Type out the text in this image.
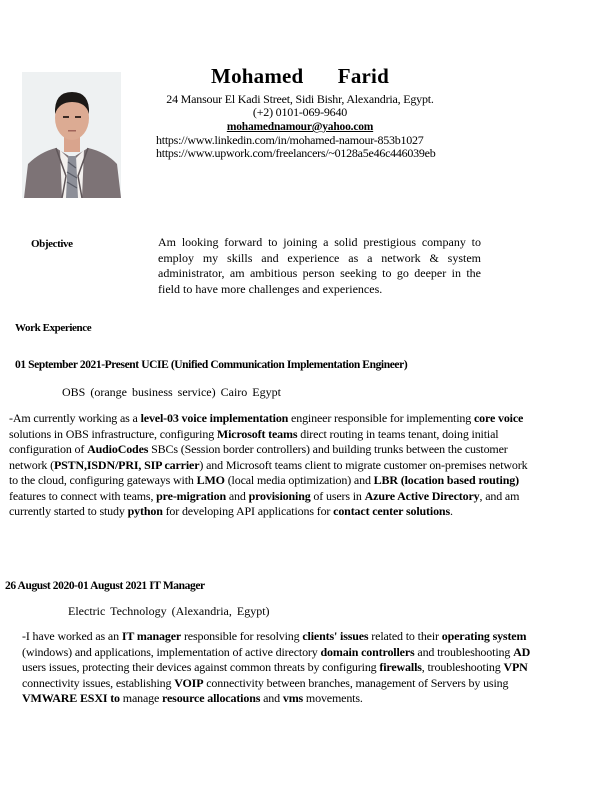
Mohamed   Farid
24 Mansour El Kadi Street, Sidi Bishr, Alexandria, Egypt.
(+2) 0101-069-9640
mohamednamour@yahoo.com
https://www.linkedin.com/in/mohamed-namour-853b1027
https://www.upwork.com/freelancers/~0128a5e46c446039eb
Objective	Am looking forward to joining a solid prestigious company to employ my skills and experience as a network & system administrator, am ambitious person seeking to go deeper in the field to have more challenges and experiences.
Work Experience
01 September 2021-Present UCIE (Unified Communication Implementation Engineer)
OBS (orange business service) Cairo Egypt
-Am currently working as a level-03 voice implementation engineer responsible for implementing core voice solutions in OBS infrastructure, configuring Microsoft teams direct routing in teams tenant, doing initial configuration of AudioCodes SBCs (Session border controllers) and building trunks between the customer network (PSTN,ISDN/PRI, SIP carrier) and Microsoft teams client to migrate customer on-premises network to the cloud, configuring gateways with LMO (local media optimization) and LBR (location based routing) features to connect with teams, pre-migration and provisioning of users in Azure Active Directory, and am currently started to study python for developing API applications for contact center solutions.
26 August 2020-01 August 2021 IT Manager
Electric Technology (Alexandria, Egypt)
-I have worked as an IT manager responsible for resolving clients' issues related to their operating system (windows) and applications, implementation of active directory domain controllers and troubleshooting AD users issues, protecting their devices against common threats by configuring firewalls, troubleshooting VPN connectivity issues, establishing VOIP connectivity between branches, management of Servers by using VMWARE ESXI to manage resource allocations and vms movements.
